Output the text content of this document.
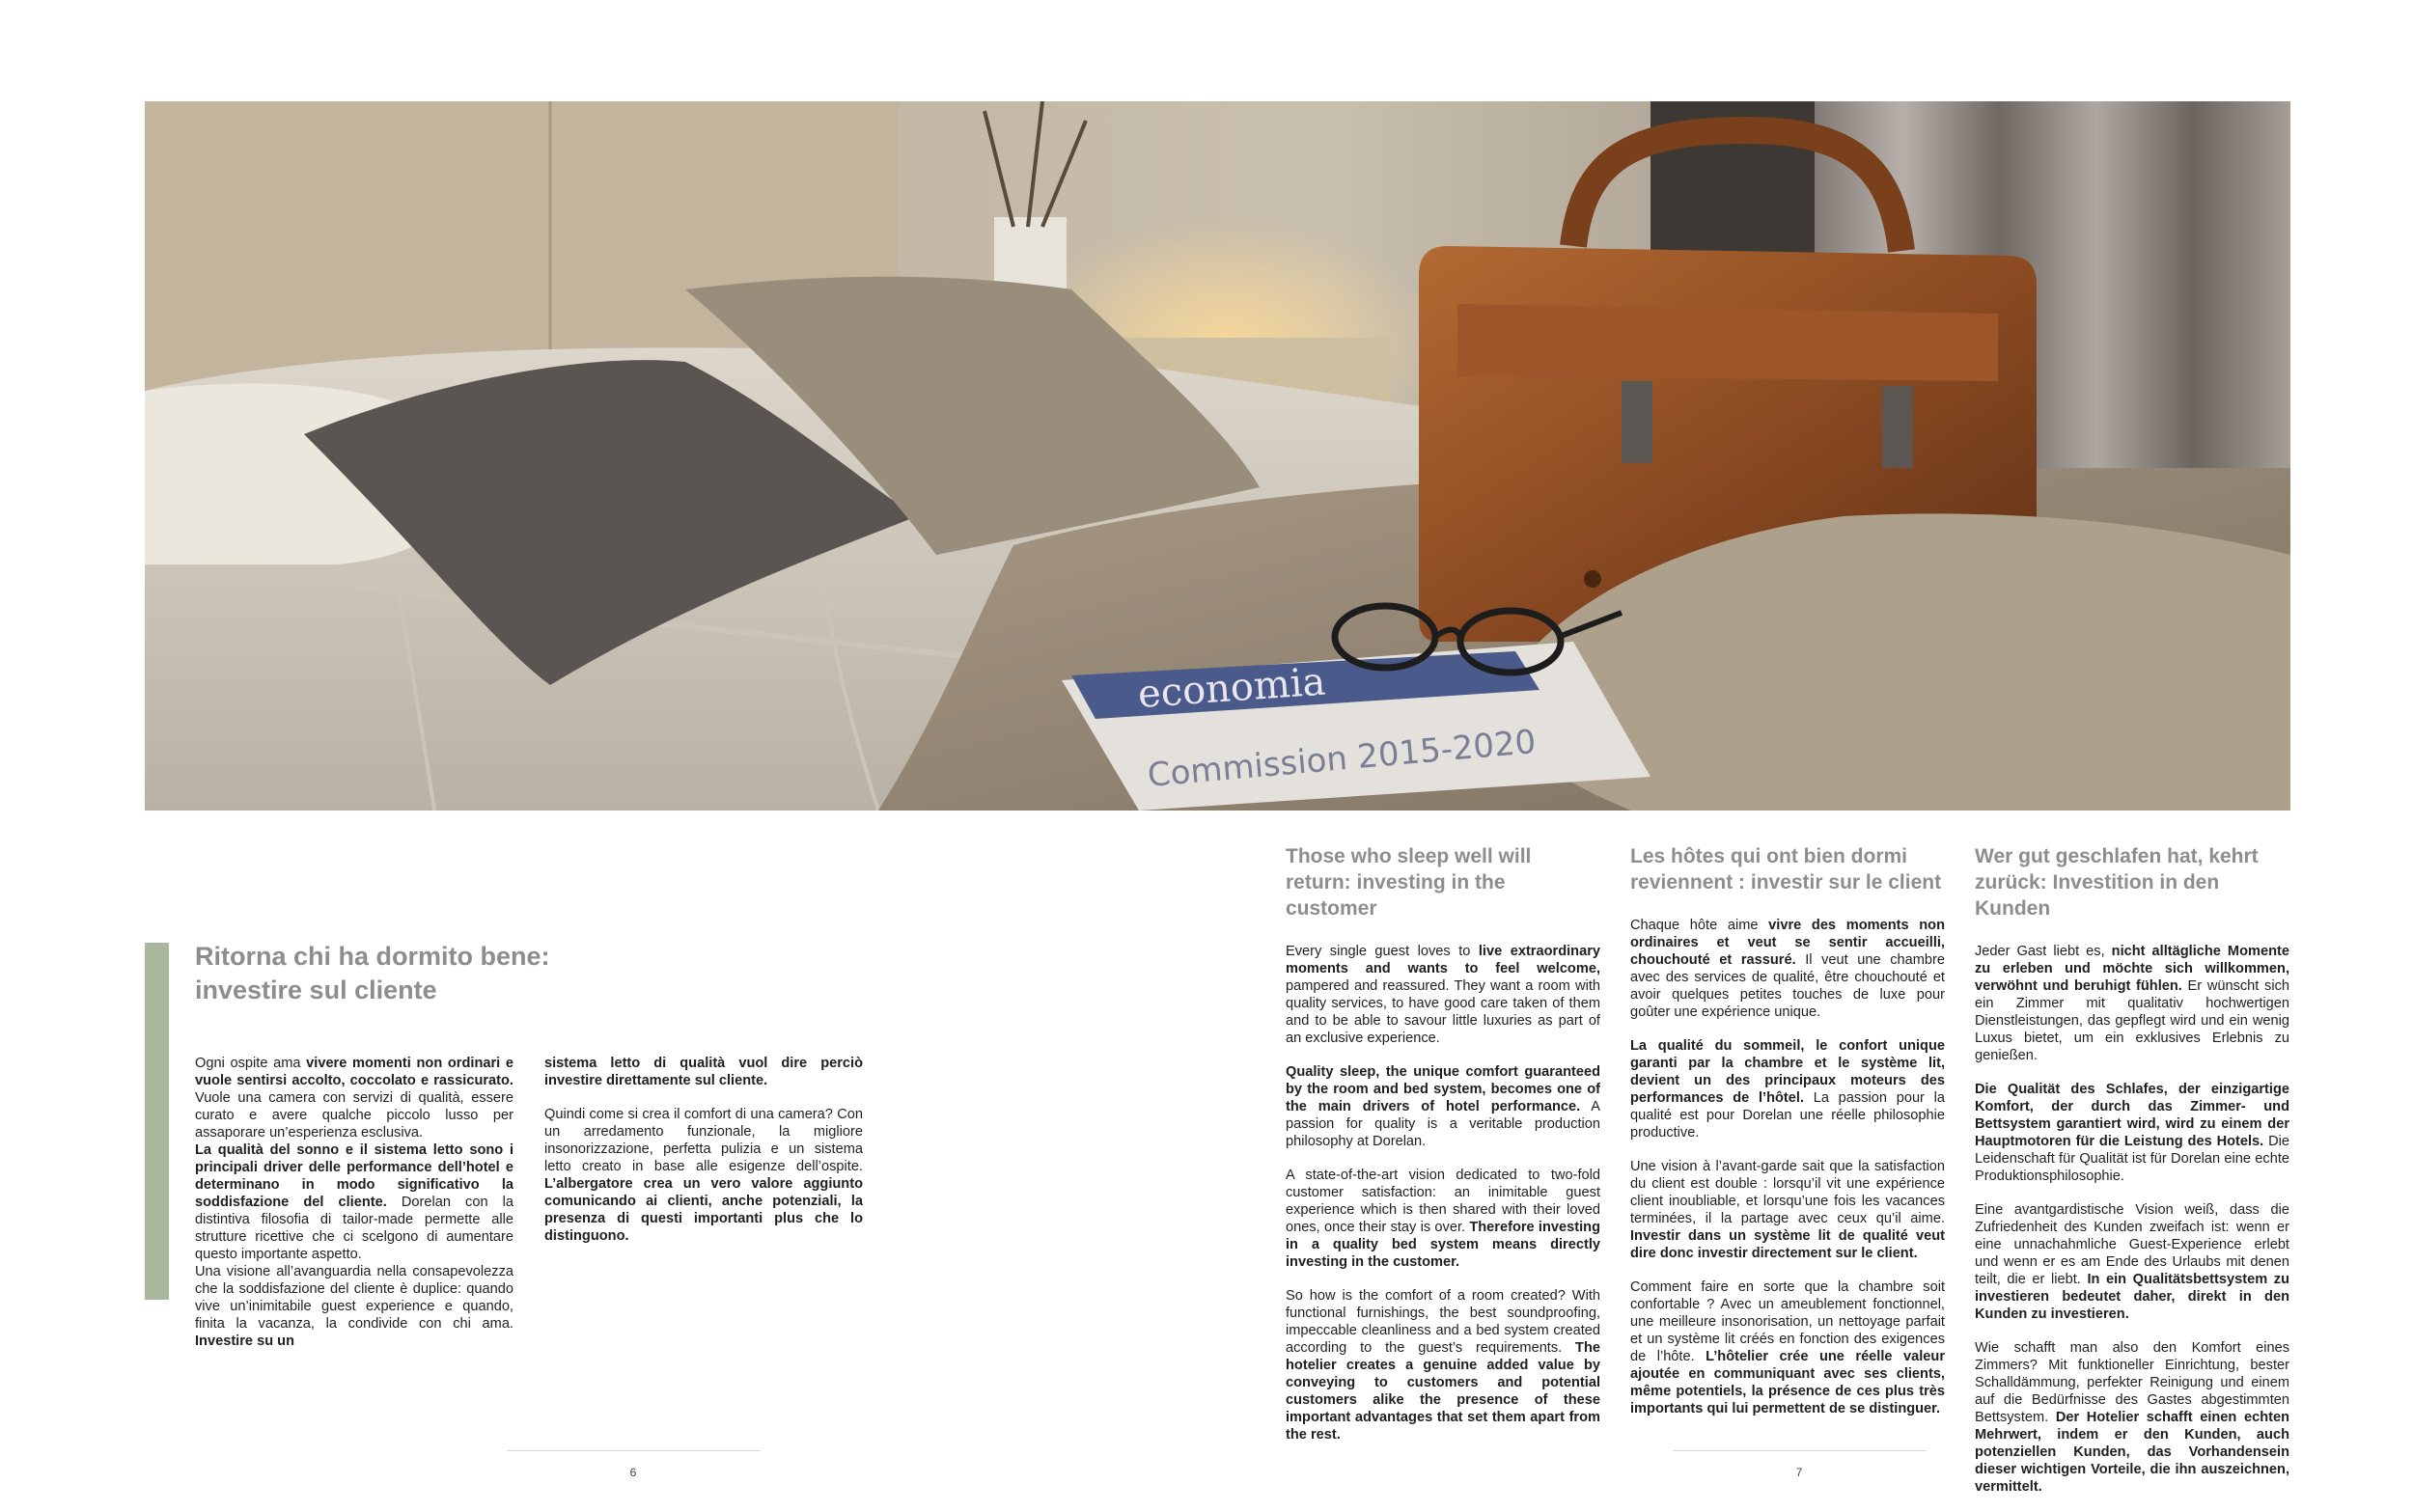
economia
Commission 2015-2020
Ritorna chi ha dormito bene:
investire sul cliente

Ogni ospite ama vivere momenti non ordinari e vuole sentirsi accolto, coccolato e rassicurato. Vuole una camera con servizi di qualità, essere curato e avere qualche piccolo lusso per assaporare un’esperienza esclusiva.
La qualità del sonno e il sistema letto sono i principali driver delle performance dell’hotel e determinano in modo significativo la soddisfazione del cliente. Dorelan con la distintiva filosofia di tailor-made permette alle strutture ricettive che ci scelgono di aumentare questo importante aspetto.
Una visione all’avanguardia nella consapevolezza che la soddisfazione del cliente è duplice: quando vive un’inimitabile guest experience e quando, finita la vacanza, la condivide con chi ama. Investire su un

sistema letto di qualità vuol dire perciò investire direttamente sul cliente.

Quindi come si crea il comfort di una camera? Con un arredamento funzionale, la migliore insonorizzazione, perfetta pulizia e un sistema letto creato in base alle esigenze dell’ospite. L’albergatore crea un vero valore aggiunto comunicando ai clienti, anche potenziali, la presenza di questi importanti plus che lo distinguono.

Those who sleep well will return: investing in the customer

Every single guest loves to live extraordinary moments and wants to feel welcome, pampered and reassured. They want a room with quality services, to have good care taken of them and to be able to savour little luxuries as part of an exclusive experience.

Quality sleep, the unique comfort guaranteed by the room and bed system, becomes one of the main drivers of hotel performance. A passion for quality is a veritable production philosophy at Dorelan.

A state-of-the-art vision dedicated to two-fold customer satisfaction: an inimitable guest experience which is then shared with their loved ones, once their stay is over. Therefore investing in a quality bed system means directly investing in the customer.

So how is the comfort of a room created? With functional furnishings, the best soundproofing, impeccable cleanliness and a bed system created according to the guest’s requirements. The hotelier creates a genuine added value by conveying to customers and potential customers alike the presence of these important advantages that set them apart from the rest.

Les hôtes qui ont bien dormi reviennent : investir sur le client

Chaque hôte aime vivre des moments non ordinaires et veut se sentir accueilli, chouchouté et rassuré. Il veut une chambre avec des services de qualité, être chouchouté et avoir quelques petites touches de luxe pour goûter une expérience unique.

La qualité du sommeil, le confort unique garanti par la chambre et le système lit, devient un des principaux moteurs des performances de l’hôtel. La passion pour la qualité est pour Dorelan une réelle philosophie productive.

Une vision à l’avant-garde sait que la satisfaction du client est double : lorsqu’il vit une expérience client inoubliable, et lorsqu’une fois les vacances terminées, il la partage avec ceux qu’il aime. Investir dans un système lit de qualité veut dire donc investir directement sur le client.

Comment faire en sorte que la chambre soit confortable ? Avec un ameublement fonctionnel, une meilleure insonorisation, un nettoyage parfait et un système lit créés en fonction des exigences de l’hôte. L’hôtelier crée une réelle valeur ajoutée en communiquant avec ses clients, même potentiels, la présence de ces plus très importants qui lui permettent de se distinguer.

Wer gut geschlafen hat, kehrt zurück: Investition in den Kunden

Jeder Gast liebt es, nicht alltägliche Momente zu erleben und möchte sich willkommen, verwöhnt und beruhigt fühlen. Er wünscht sich ein Zimmer mit qualitativ hochwertigen Dienstleistungen, das gepflegt wird und ein wenig Luxus bietet, um ein exklusives Erlebnis zu genießen.

Die Qualität des Schlafes, der einzigartige Komfort, der durch das Zimmer- und Bettsystem garantiert wird, wird zu einem der Hauptmotoren für die Leistung des Hotels. Die Leidenschaft für Qualität ist für Dorelan eine echte Produktionsphilosophie.

Eine avantgardistische Vision weiß, dass die Zufriedenheit des Kunden zweifach ist: wenn er eine unnachahmliche Guest-Experience erlebt und wenn er es am Ende des Urlaubs mit denen teilt, die er liebt. In ein Qualitätsbettsystem zu investieren bedeutet daher, direkt in den Kunden zu investieren.

Wie schafft man also den Komfort eines Zimmers? Mit funktioneller Einrichtung, bester Schalldämmung, perfekter Reinigung und einem auf die Bedürfnisse des Gastes abgestimmten Bettsystem. Der Hotelier schafft einen echten Mehrwert, indem er den Kunden, auch potenziellen Kunden, das Vorhandensein dieser wichtigen Vorteile, die ihn auszeichnen, vermittelt.

6	7
